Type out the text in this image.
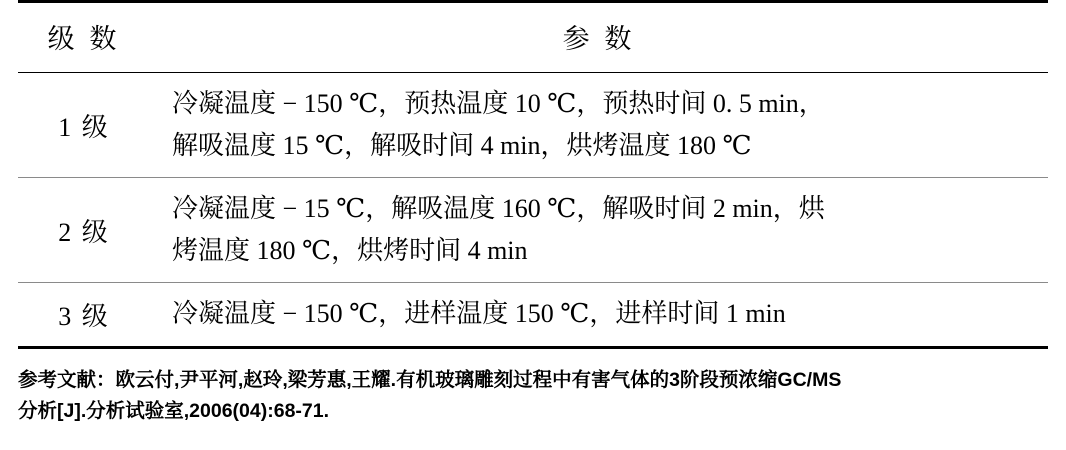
级 数	参 数
1 级	冷凝温度 − 150 ℃，预热温度 10 ℃，预热时间 0. 5 min，
解吸温度 15 ℃，解吸时间 4 min，烘烤温度 180 ℃

2 级	冷凝温度 − 15 ℃，解吸温度 160 ℃，解吸时间 2 min，烘
烤温度 180 ℃，烘烤时间 4 min

3 级	冷凝温度 − 150 ℃，进样温度 150 ℃，进样时间 1 min
参考文献：欧云付,尹平河,赵玲,梁芳惠,王耀.有机玻璃雕刻过程中有害气体的3阶段预浓缩GC/MS
分析[J].分析试验室,2006(04):68-71.
